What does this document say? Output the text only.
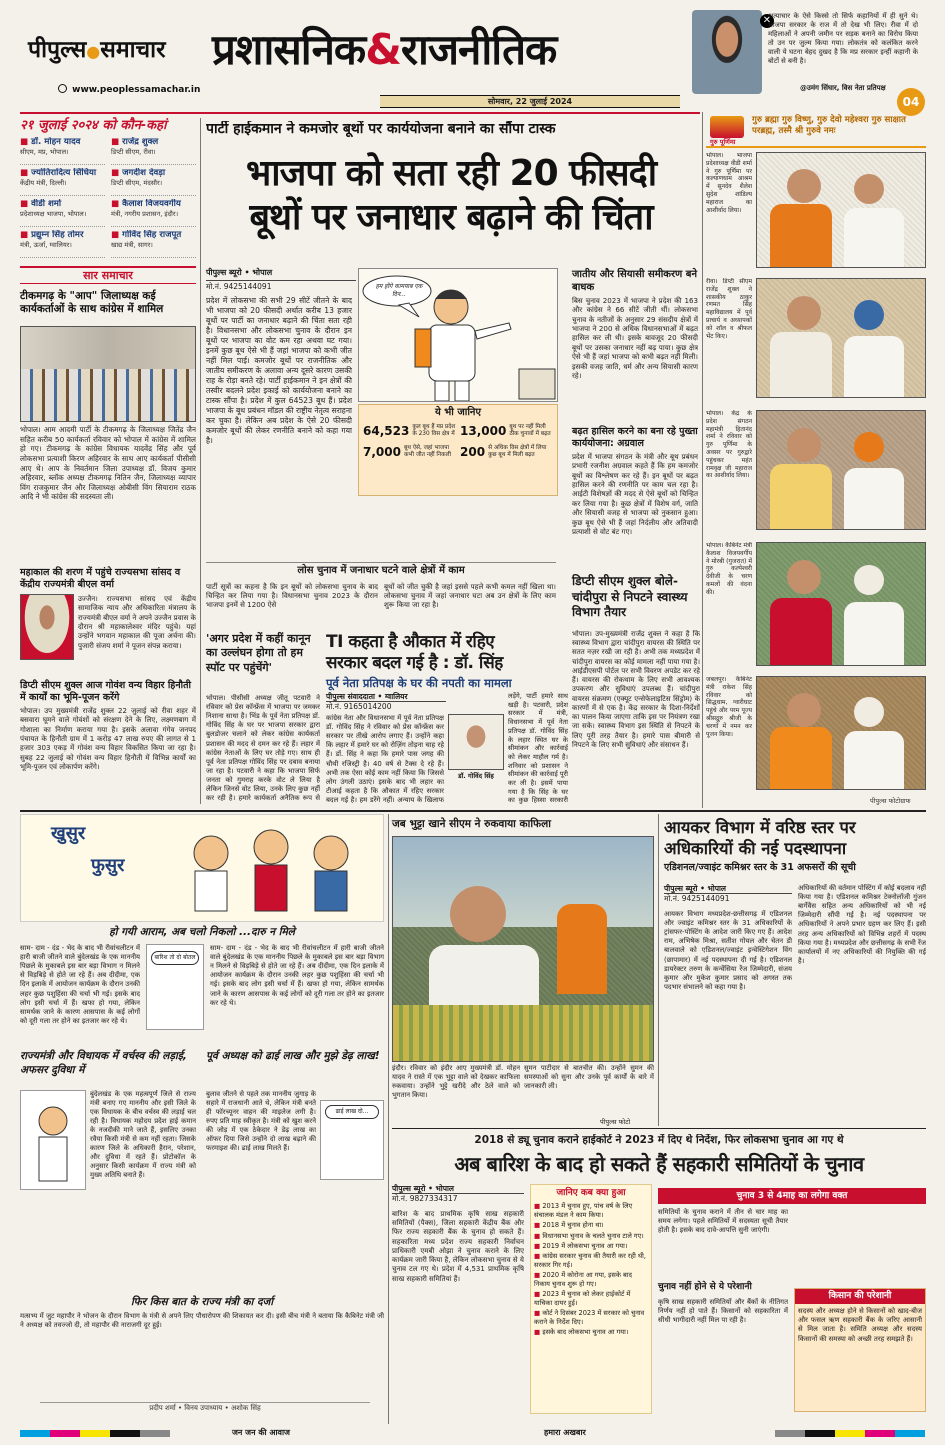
पीपुल्स●समाचार
www.peoplessamachar.in
प्रशासनिक&राजनीतिक
सोमवार, 22 जुलाई 2024
✕
अत्याचार के ऐसे किस्से तो सिर्फ कहानियों में ही सुने थे। भाजपा सरकार के राज में तो देख भी लिए। रीवा में दो महिलाओं ने अपनी जमीन पर सड़क बनाने का विरोध किया तो उन पर जुल्म किया गया। लोकतंत्र को कलंकित करने वाली ये घटना बेहद दुखद है कि मप्र सरकार इन्हीं कहानी के बोटों से बनी है।
@उमंग सिंघार, विस नेता प्रतिपक्ष
04
२१ जुलाई २०२४ को कौन-कहां
■ डॉ. मोहन यादव
सीएम, मप्र, भोपाल।
■ राजेंद्र शुक्ल
डिप्टी सीएम, रीवा।
■ ज्योतिरादित्य सिंधिया
केंद्रीय मंत्री, दिल्ली।
■ जगदीश देवड़ा
डिप्टी सीएम, मंदसौर।
■ वीडी शर्मा
प्रदेशाध्यक्ष भाजपा, भोपाल।
■ कैलाश विजयवर्गीय
मंत्री, नगरीय प्रशासन, इंदौर।
■ प्रद्युम्न सिंह तोमर
मंत्री, ऊर्जा, ग्वालियर।
■ गोविंद सिंह राजपूत
खाद्य मंत्री, सागर।
सार समाचार
टीकमगढ़ के "आप" जिलाध्यक्ष कई कार्यकर्ताओं के साथ कांग्रेस में शामिल
भोपाल। आम आदमी पार्टी के टीकमगढ़ के जिलाध्यक्ष जितेंद्र जैन सहित करीब 50 कार्यकर्ता रविवार को भोपाल में कांग्रेस में शामिल हो गए। टीकमगढ़ के कांग्रेस विधायक यादवेंद्र सिंह और पूर्व लोकसभा प्रत्याशी किरण अहिरवार के साथ आए कार्यकर्ता पीसीसी आए थे। आप के निवर्तमान जिला उपाध्यक्ष डॉ. विजय कुमार अहिरवार, ब्लॉक अध्यक्ष टीकमगढ़ नितिन जैन, जिलाध्यक्ष व्यापार विंग राजकुमार जैन और जिलाध्यक्ष ओबीसी विंग सियाराम राठक आदि ने भी कांग्रेस की सदस्यता ली।
महाकाल की शरण में पहुंचे राज्यसभा सांसद व केंद्रीय राज्यमंत्री बीएल वर्मा
उज्जैन। राज्यसभा सांसद एवं केंद्रीय सामाजिक न्याय और अधिकारिता मंत्रालय के राज्यमंत्री बीएल वर्मा ने अपने उज्जैन प्रवास के दौरान श्री महाकालेश्वर मंदिर पहुंचे। यहां उन्होंने भगवान महाकाल की पूजा अर्चना की। पुजारी संजय शर्मा ने पूजन संपन्न कराया।
डिप्टी सीएम शुक्ल आज गोवंश वन्य विहार हिनौती में कार्यों का भूमि-पूजन करेंगे
भोपाल। उप मुख्यमंत्री राजेंद्र शुक्ल 22 जुलाई को रीवा शहर में बसवारा घूमने वाले गोवंशों को संरक्षण देने के लिए, लक्ष्मणबाग में गोशाला का निर्माण कराया गया है। इसके अलावा गंगेव जनपद पंचायत के हिनौती ग्राम में 1 करोड़ 47 लाख रुपए की लागत से 1 हजार 303 एकड़ में गोवंश वन्य विहार विकसित किया जा रहा है। सुबह 22 जुलाई को गोवंश वन्य विहार हिनौती में विभिन्न कार्यों का भूमि-पूजन एवं लोकार्पण करेंगे।
पार्टी हाईकमान ने कमजोर बूथों पर कार्ययोजना बनाने का सौंपा टास्क
भाजपा को सता रही 20 फीसदी
बूथों पर जनाधार बढ़ाने की चिंता
पीपुल्स ब्यूरो • भोपाल
मो.नं. 9425144091
प्रदेश में लोकसभा की सभी 29 सीटें जीतने के बाद भी भाजपा को 20 फीसदी अर्थात करीब 13 हजार बूथों पर पार्टी का जनाधार बढ़ाने की चिंता सता रही है। विधानसभा और लोकसभा चुनाव के दौरान इन बूथों पर भाजपा का वोट कम रहा अथवा घट गया। इनमें कुछ बूथ ऐसे भी हैं जहां भाजपा को कभी जीत नहीं मिल पाई। कमजोर बूथों पर राजनीतिक और जातीय समीकरण के अलावा अन्य दूसरे कारण उसकी राह के रोड़ा बनते रहे। पार्टी हाईकमान ने इन क्षेत्रों की तस्वीर बदलने प्रदेश इकाई को कार्ययोजना बनाने का टास्क सौंपा है। प्रदेश में कुल 64523 बूथ हैं। प्रदेश भाजपा के बूथ प्रबंधन मॉडल की राष्ट्रीय नेतृत्व सराहना कर चुका है। लेकिन अब प्रदेश के ऐसे 20 फीसदी कमजोर बूथों की लेकर रणनीति बनाने को कहा गया है।
हम होंगे कामयाब एक दिन...
ये भी जानिए
64,523 कुल बूथ हैं मप्र प्रदेश के 230 विस क्षेत्र में 13,000 बूथ पर नहीं मिली ठीक चुनावों में बढ़त
7,000 बूथ ऐसे, जहां भाजपा कभी जीत नहीं निकली 200 से अधिक विस क्षेत्रों में लिया कुछ बूथ में मिली बढ़त
लोस चुनाव में जनाधार घटने वाले क्षेत्रों में काम
पार्टी सूत्रों का कहना है कि इन बूथों को लोकसभा चुनाव के बाद चिन्हित कर लिया गया है। विधानसभा चुनाव 2023 के दौरान भाजपा इनमें से 1200 ऐसे
बूथों को जीत चुकी है जहां इससे पहले कभी कमल नहीं खिला था। लोकसभा चुनाव में जहां जनाधार घटा अब उन क्षेत्रों के लिए काम शुरू किया जा रहा है।
जातीय और सियासी समीकरण बने बाधक
बिस चुनाव 2023 में भाजपा ने प्रदेश की 163 और कांग्रेस ने 66 सीटें जीती थीं। लोकसभा चुनाव के नतीजों के अनुसार 29 संसदीय क्षेत्रों में भाजपा ने 200 से अधिक विधानसभाओं में बढ़त हासिल कर ली थी। इसके बावजूद 20 फीसदी बूथों पर उसका जनाधार नहीं बढ़ पाया। कुछ क्षेत्र ऐसे भी हैं जहां भाजपा को कभी बढ़त नहीं मिली। इसकी वजह जाति, धर्म और अन्य सियासी कारण रहे।
बढ़त हासिल करने का बना रहे पुख्ता कार्ययोजना: अग्रवाल
प्रदेश में भाजपा संगठन के मंत्री और बूथ प्रबंधन प्रभारी रजनीश अग्रवाल कहते हैं कि हम कमजोर बूथों का विश्लेषण कर रहे हैं। इन बूथों पर बढ़त हासिल करने की रणनीति पर काम चल रहा है। आईटी विशेषज्ञों की मदद से ऐसे बूथों को चिन्हित कर लिया गया है। कुछ क्षेत्रों में विशेष वर्ग, जाति और सियासी वजह से भाजपा को नुकसान हुआ। कुछ बूथ ऐसे भी हैं जहां निर्दलीय और अतिवादी प्रत्याशी से वोट बंट गए।
'अगर प्रदेश में कहीं कानून का उल्लंघन होगा तो हम स्पॉट पर पहुंचेंगे'
भोपाल। पीसीसी अध्यक्ष जीतू पटवारी ने रविवार को प्रेस कॉन्फ्रेंस में भाजपा पर जमकर निशाना साधा है। भिंड के पूर्व नेता प्रतिपक्ष डॉ. गोविंद सिंह के घर पर भाजपा सरकार द्वारा बुलडोजर चलाने को लेकर कांग्रेस कार्यकर्ता प्रशासन की मदद से दमन कर रहे हैं। लहार में कांग्रेस नेताओं के लिए घर तोड़े गए। साथ ही पूर्व नेता प्रतिपक्ष गोविंद सिंह पर दबाव बनाया जा रहा है। पटवारी ने कहा कि भाजपा सिर्फ जनता को गुमराह करके वोट ले लिया है लेकिन जिनसे वोट लिया, उनके लिए कुछ नहीं कर रही है। हमारे कार्यकर्ता अनैतिक रूप से
TI कहता है औकात में रहिए
सरकार बदल गई है : डॉ. सिंह
पूर्व नेता प्रतिपक्ष के घर की नपती का मामला
पीपुल्स संवाददाता • ग्वालियर
मो.नं. 9165014200
कांग्रेस नेता और विधानसभा में पूर्व नेता प्रतिपक्ष डॉ. गोविंद सिंह ने रविवार को प्रेस कॉन्फ्रेंस कर सरकार पर तीखे आरोप लगाए हैं। उन्होंने कहा कि लहार में हमारे घर को रोज़िंग तोड़ना चाह रहे हैं। डॉ. सिंह ने कहा कि हमारे पास जगह की चौथी रजिस्ट्री है। 40 वर्ष से टैक्स दे रहे हैं। अभी तक ऐसा कोई काम नहीं किया कि जिससे लोग उंगली उठाएं। इसके बाद भी लहार का टीआई कहता है कि औकात में रहिए सरकार बदल गई है। हम डरेंगे नहीं। अन्याय के खिलाफ
डॉ. गोविंद सिंह
लड़ेंगे, पार्टी हमारे साथ खड़ी है। पटवारी, प्रदेश सरकार में मंत्री, विधानसभा में पूर्व नेता प्रतिपक्ष डॉ. गोविंद सिंह के लहार स्थित घर के सीमांकन और कार्रवाई को लेकर माहौल गर्म है। शनिवार को प्रशासन ने सीमांकन की कार्रवाई पूरी कर ली है। इसमें पाया गया है कि सिंह के घर का कुछ हिस्सा सरकारी
डिप्टी सीएम शुक्ल बोले-चांदीपुरा से निपटने स्वास्थ्य विभाग तैयार
भोपाल। उप-मुख्यमंत्री राजेंद्र शुक्ल ने कहा है कि स्वास्थ्य विभाग द्वारा चांदीपुरा वायरस की स्थिति पर सतत नज़र रखी जा रही है। अभी तक मध्यप्रदेश में चांदीपुरा वायरस का कोई मामला नहीं पाया गया है। आईडीएसपी पोर्टल पर सभी विवरण अपडेट कर रहे हैं। वायरस की रोकथाम के लिए सभी आवश्यक उपकरण और सुविधाएं उपलब्ध हैं। चांदीपुरा वायरस संक्रमण (एक्यूट एन्सेफेलाइटिस सिंड्रोम) के कारणों में से एक है। केंद्र सरकार के दिशा-निर्देशों का पालन किया जाएगा ताकि इस पर नियंत्रण रखा जा सके। स्वास्थ्य विभाग इस स्थिति से निपटने के लिए पूरी तरह तैयार है। हमारे पास बीमारी से निपटने के लिए सभी सुविधाएं और संसाधन हैं।
गुरु पूर्णिमा
गुरु ब्रह्मा गुरु विष्णु, गुरु देवो महेश्वरा गुरु साक्षात परब्रह्म, तस्मै श्री गुरुवे नमः
भोपाल। भाजपा प्रदेशाध्यक्ष वीडी शर्मा ने गुरु पूर्णिमा पर कल्याणधाम आश्रम में सुनदेव शैलेश सुदेश शांडिल्य महाराज का आशीर्वाद लिया।
रीवा। डिप्टी सीएम राजेंद्र शुक्ल ने शासकीय ठाकुर रणमत सिंह महाविद्यालय में पूर्व प्राचार्य व अध्यापकों को शॉल व श्रीफल भेंट किए।
भोपाल। केंद्र के प्रदेश संगठन महामंत्री हितानंद शर्मा ने रविवार को गुरु पूर्णिमा के अवसर पर गुरुद्वारे पहुंचकर महंत रामवृक्ष जी महाराज का आशीर्वाद लिया।
भोपाल। कैबिनेट मंत्री कैलाश विजयवर्गीय ने मोरबी (गुजरात) में गुरु कल्पेश्वरी देवीजी के चरण कमलों की वंदना की।
जबलपुर। कैबिनेट मंत्री राकेश सिंह रविवार को सिद्धधाम, ग्वारीघाट पहुंचे और परम पूज्य श्रीसद्गुरु श्रीजी के चरणों में नमन कर पूजन किया।
पीपुल्स फोटोग्राफ
खुसुर
फुसुर
हो गयी आराम, अब चलो निकलो ...दारु न मिले
साम- दाम - दंड - भेद के बाद भी रीवांचलीटन में हारी बाजी जीतने वाले बुंदेलखंड के एक माननीय पिछले के मुकाबले इस बार बड़ा विभाग न मिलने से विड़बिड़े से होते जा रहे हैं। अब दीदीमा, एक दिन इलाके में आयोजन कार्यक्रम के दौरान उनकी लहर कुछ पशुहिंसा की चर्चा भी गई। इसके बाद लोग इसी चर्चा में हैं। खफा हो गया, लेकिन सामर्थक जाने के कारण आसपास के कई लोगों को दूरी गला तर होने का इतजार कर रहे थे।
बारिश तो दो बोतल
साम- दाम - दंड - भेद के बाद भी रीवांचलीटन में हारी बाजी जीतने वाले बुंदेलखंड के एक माननीय पिछले के मुकाबले इस बार बड़ा विभाग न मिलने से विड़बिड़े से होते जा रहे हैं। अब दीदीमा, एक दिन इलाके में आयोजन कार्यक्रम के दौरान उनकी लहर कुछ पशुहिंसा की चर्चा भी गई। इसके बाद लोग इसी चर्चा में हैं। खफा हो गया, लेकिन सामर्थक जाने के कारण आसपास के कई लोगों को दूरी गला तर होने का इतजार कर रहे थे।
राज्यमंत्री और विधायक में वर्चस्व की लड़ाई, अफसर दुविधा में
बुंदेलखंड के एक महत्वपूर्ण जिले से राज्य मंत्री बनाए गए माननीय और इसी जिले के एक विधायक के बीच वर्चस्व की लड़ाई चल रही है। विधायक महोदय प्रदेश हाई कमान के नजदीकी माने जाते हैं, इसलिए उनका रवैया किसी मंत्री से कम नहीं रहता। जिसके कारण जिले के अधिकारी हैरान, परेशान, और दुविधा में रहते हैं। प्रोटोकॉल के अनुसार किसी कार्यक्रम में राज्य मंत्री को मुख्य अतिथि बनाते हैं।
पूर्व अध्यक्ष को ढाई लाख और मुझे डेढ़ लाख!
बुलाव जीतने से पहले तक माननीय जुगाड़ के सहारे में राजधानी आते थे, लेकिन मंत्री बनते ही फॉरच्यूनर वाहन की माइलेज लगी है। रुपए प्रति माह स्वीकृत है। मंत्री को खुश करने की जोड़ में एक ठेकेदार ने डेढ़ लाख का ऑफर दिया जिसे उन्होंने दो लाख बढ़ाने की फरमाइश की। ढाई लाख मिलते हैं।
ढाई लाख दो...
फिर किस बात के राज्य मंत्री का दर्जा
मत्सभ्य में जुट महापौर ने भोजन के दौरान विभाग के मंत्री से अपने लिए पौधारोपण की शिकायत कर दी। इसी बीच मंत्री ने बताया कि कैबिनेट मंत्री जी ने अध्यक्ष को तवज्जो दी, तो महापौर की नाराजगी दूर हुई।
प्रदीप शर्मा • विनय उपाध्याय • अशोक सिंह
जब भुट्टा खाने सीएम ने रुकवाया काफिला
इंदौर। रविवार को इंदौर आए मुख्यमंत्री डॉ. मोहन यादव ने रास्ते में एक भुट्टा वाले को देखकर काफिला रुकवाया। उन्होंने भुट्टे खरीदे और ठेले वाले को भुगतान किया।
सुमन पाटीदार से बातचीत की। उन्होंने सुमन की समस्याओं को सुना और उनके पूर्व कार्यों के बारे में जानकारी ली।
पीपुल्स फोटो
आयकर विभाग में वरिष्ठ स्तर पर
अधिकारियों की नई पदस्थापना
एडिशनल/ज्वाइंट कमिश्नर स्तर के 31 अफसरों की सूची
पीपुल्स ब्यूरो • भोपाल
मो.नं. 9425144091
आयकर विभाग मध्यप्रदेश-छत्तीसगढ़ में एडिशनल और ज्वाइंट कमिश्नर स्तर के 31 अधिकारियों के ट्रांसफर-पोस्टिंग के आदेश जारी किए गए हैं। आदेश राम, अभिषेक मिश्रा, सतीश गोयल और चेतन डी बालवाले को एडिशनल/ज्वाइंट इन्वेस्टिगेशन विंग (छापामार) में नई पदस्थापना दी गई है। एडिशनल डायरेक्टर तरुण के कन्वेंसिया रेंज जिम्मेदारी, संजय कुमार और मुकेश कुमार प्रसाद को अगस्त तक पदभार संभालने को कहा गया है।
अधिकारियों की वर्तमान पोस्टिंग में कोई बदलाव नहीं किया गया है। एडिशनल कमिश्नर टेक्नोलॉजी गुंजन बार्गेवैस सहित अन्य अधिकारियों को भी नई जिम्मेदारी सौंपी गई है। नई पदस्थापना पर अधिकारियों ने अपने प्रभार ग्रहण कर लिए हैं। इसी तरह अन्य अधिकारियों को विभिन्न शहरों में पदस्थ किया गया है। मध्यप्रदेश और छत्तीसगढ़ के सभी रेंज कार्यालयों में नए अधिकारियों की नियुक्ति की गई है।
2018 से ड्यू चुनाव कराने हाईकोर्ट ने 2023 में दिए थे निर्देश, फिर लोकसभा चुनाव आ गए थे
अब बारिश के बाद हो सकते हैं सहकारी समितियों के चुनाव
पीपुल्स ब्यूरो • भोपाल
मो.नं. 9827334317
बारिश के बाद प्राथमिक कृषि साख सहकारी समितियों (पैक्स), जिला सहकारी केंद्रीय बैंक और फिर राज्य सहकारी बैंक के चुनाव हो सकते हैं। सहकारिता मध्य प्रदेश राज्य सहकारी निर्वाचन प्राधिकारी एमबी ओझा ने चुनाव कराने के लिए कार्यक्रम जारी किया है, लेकिन लोकसभा चुनाव से ये चुनाव टल गए थे। प्रदेश में 4,531 प्राथमिक कृषि साख सहकारी समितियां हैं।
जानिए कब क्या हुआ
■ 2013 में चुनाव हुए, पांच वर्ष के लिए संचालक मंडल ने काम किया।
■ 2018 में चुनाव होना था।
■ विधानसभा चुनाव के चलते चुनाव टाले गए।
■ 2019 में लोकसभा चुनाव आ गया।
■ कांग्रेस सरकार चुनाव की तैयारी कर रही थी, सरकार गिर गई।
■ 2020 में कोरोना आ गया, इसके बाद निकाय चुनाव शुरू हो गए।
■ 2023 में चुनाव को लेकर हाईकोर्ट में याचिका दायर हुई।
■ कोर्ट ने दिसंबर 2023 में सरकार को चुनाव कराने के निर्देश दिए।
■ इसके बाद लोकसभा चुनाव आ गया।
चुनाव 3 से 4माह का लगेगा वक्त
समितियों के चुनाव कराने में तीन से चार माह का समय लगेगा। पहले समितियों में सदस्यता सूची तैयार होती है। इसके बाद दावे-आपत्ति सुनी जाएंगी।
चुनाव नहीं होने से ये परेशानी
कृषि साख सहकारी समितियों और बैंकों के नीतिगत निर्णय नहीं हो पाते हैं। किसानों को सहकारिता में सीधी भागीदारी नहीं मिल पा रही है।
किसान की परेशानी
सदस्य और अध्यक्ष होने से किसानों को खाद-बीज और फसल ऋण सहकारी बैंक के जरिए आसानी से मिल जाता है। समिति अध्यक्ष और सदस्य किसानों की समस्या को अच्छी तरह समझते हैं।
जन जन की आवाज	हमारा अखबार
